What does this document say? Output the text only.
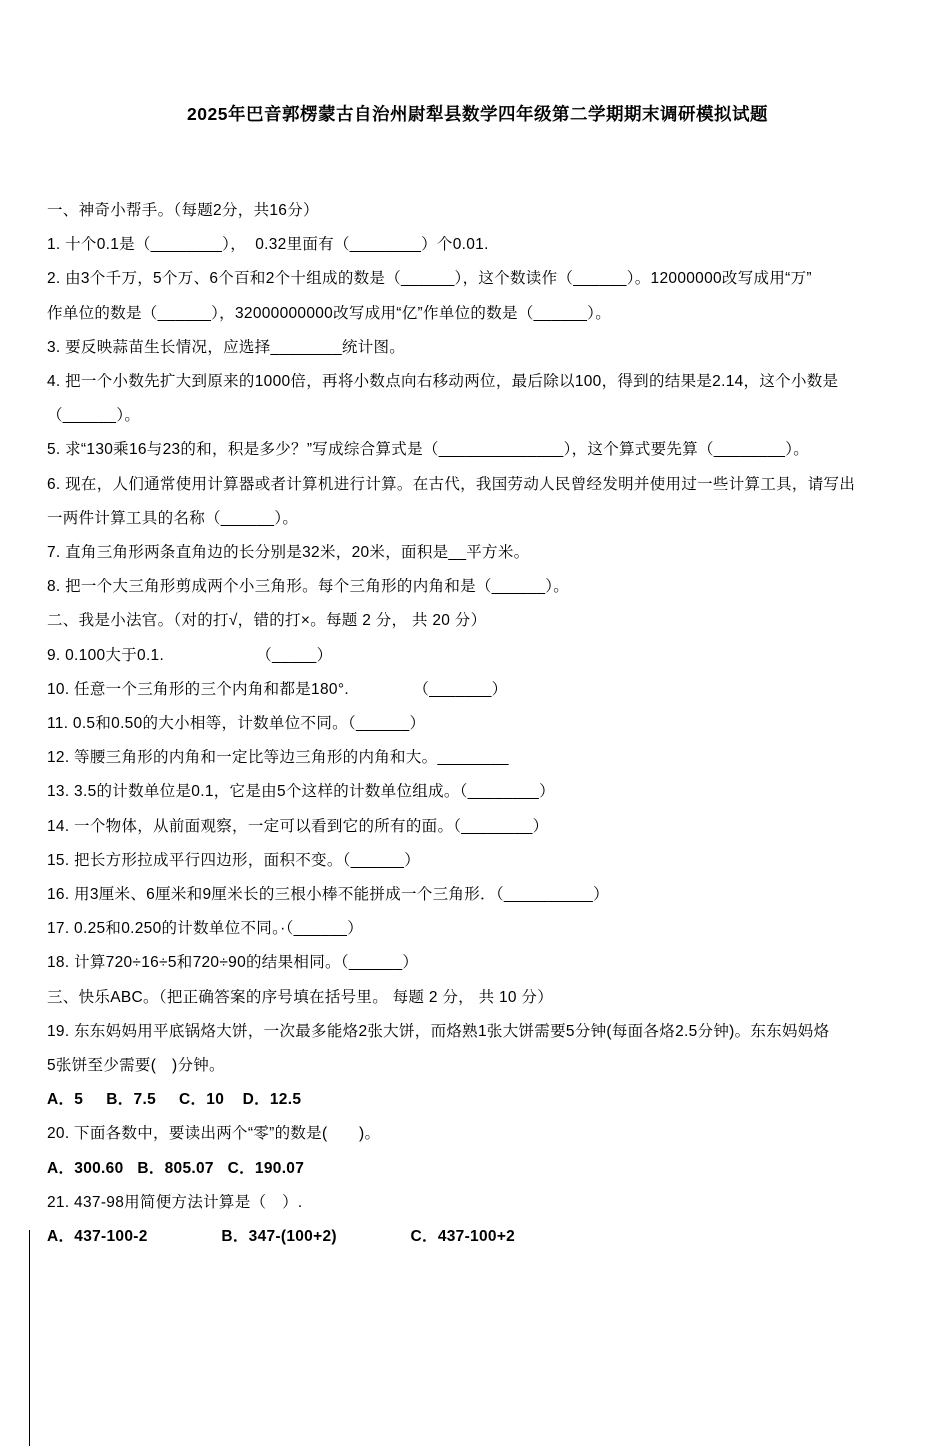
2025年巴音郭楞蒙古自治州尉犁县数学四年级第二学期期末调研模拟试题
一、神奇小帮手。（每题2分，共16分）
1. 十个0.1是（________），  0.32里面有（________）个0.01.
2. 由3个千万，5个万、6个百和2个十组成的数是（______），这个数读作（______）。12000000改写成用“万”
作单位的数是（______），32000000000改写成用“亿”作单位的数是（______）。
3. 要反映蒜苗生长情况，应选择________统计图。
4. 把一个小数先扩大到原来的1000倍，再将小数点向右移动两位，最后除以100，得到的结果是2.14，这个小数是
（______）。
5. 求“130乘16与23的和，积是多少？”写成综合算式是（______________），这个算式要先算（________）。
6. 现在，人们通常使用计算器或者计算机进行计算。在古代，我国劳动人民曾经发明并使用过一些计算工具，请写出
一两件计算工具的名称（______）。
7. 直角三角形两条直角边的长分别是32米，20米，面积是__平方米。
8. 把一个大三角形剪成两个小三角形。每个三角形的内角和是（______）。
二、我是小法官。（对的打√，错的打×。每题 2 分， 共 20 分）
9. 0.100大于0.1.                    （_____）
10. 任意一个三角形的三个内角和都是180°.              （_______）
11. 0.5和0.50的大小相等，计数单位不同。（______）
12. 等腰三角形的内角和一定比等边三角形的内角和大。________
13. 3.5的计数单位是0.1，它是由5个这样的计数单位组成。（________）
14. 一个物体，从前面观察，一定可以看到它的所有的面。（________）
15. 把长方形拉成平行四边形，面积不变。（______）
16. 用3厘米、6厘米和9厘米长的三根小棒不能拼成一个三角形．（__________）
17. 0.25和0.250的计数单位不同。·（______）
18. 计算720÷16÷5和720÷90的结果相同。（______）
三、快乐ABC。（把正确答案的序号填在括号里。 每题 2 分， 共 10 分）
19. 东东妈妈用平底锅烙大饼，一次最多能烙2张大饼，而烙熟1张大饼需要5分钟(每面各烙2.5分钟)。东东妈妈烙
5张饼至少需要(　)分钟。
A．5     B．7.5     C．10    D．12.5
20. 下面各数中，要读出两个“零”的数是(　　)。
A．300.60   B．805.07   C．190.07
21. 437-98用简便方法计算是（　）.
A．437-100-2                B．347-(100+2)                C．437-100+2
